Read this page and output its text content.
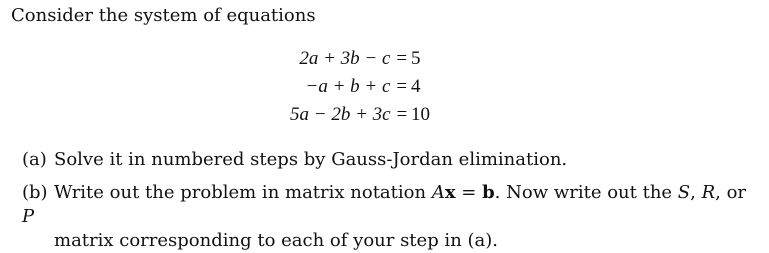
Consider the system of equations
2a + 3b − c = 5
−a + b + c = 4
5a − 2b + 3c = 10
(a) Solve it in numbered steps by Gauss-Jordan elimination.
(b) Write out the problem in matrix notation Ax = b. Now write out the S, R, or P
matrix corresponding to each of your step in (a).
